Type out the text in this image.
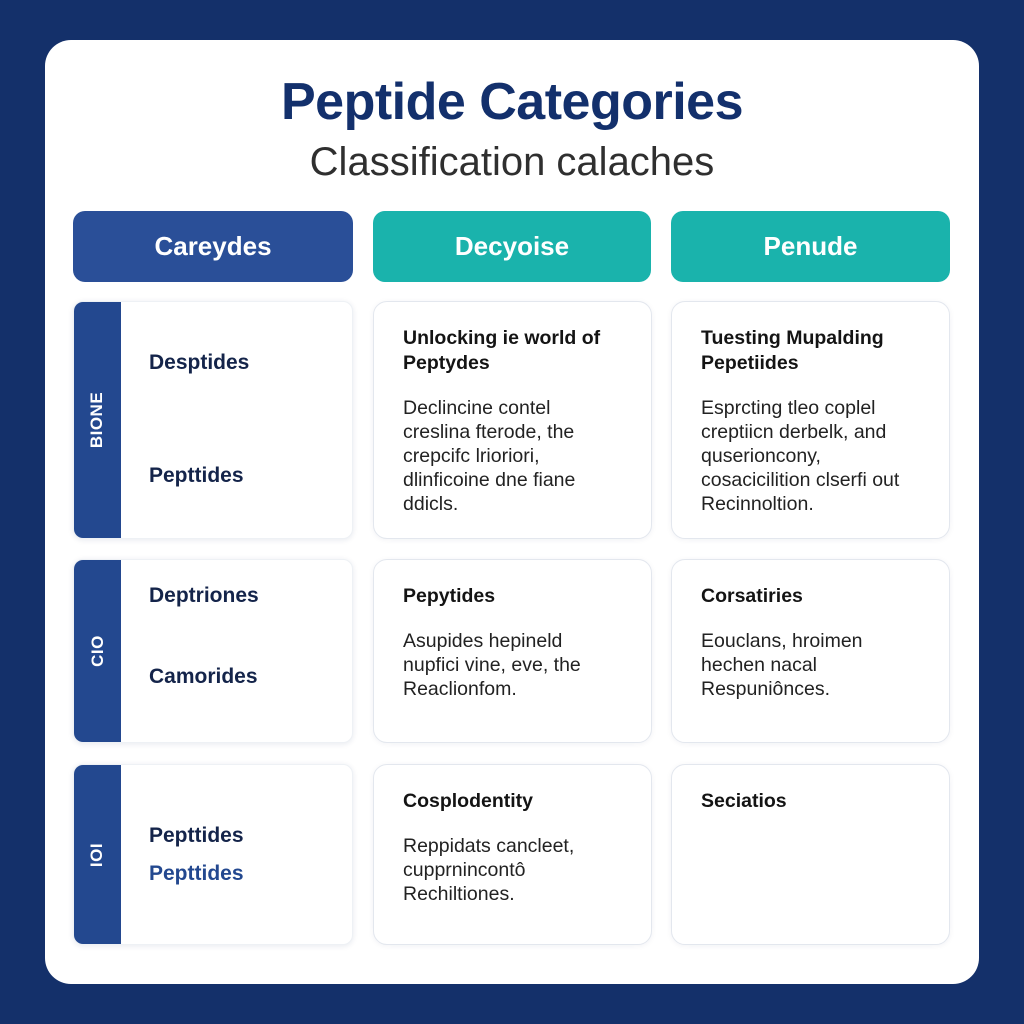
Peptide Categories
Classification calaches
Careydes	Decyoise	Penude
BIONE
Desptides
Pepttides
Unlocking ie world of
Peptydes
Declincine contel
creslina fterode, the
crepcifc lrioriori,
dlinficoine dne fiane
ddicls.
Tuesting Mupalding
Pepetiides
Esprcting tleo coplel
creptiicn derbelk, and
quserioncony,
cosacicilition clserfi out
Recinnoltion.
CIO
Deptriones
Camorides
Pepytides
Asupides hepineld
nupfici vine, eve, the
Reaclionfom.
Corsatiries
Eouclans, hroimen
hechen nacal
Respuniônces.
IOI
Pepttides
Pepttides
Cosplodentity
Reppidats cancleet,
cupprnincontô
Rechiltiones.
Seciatios
